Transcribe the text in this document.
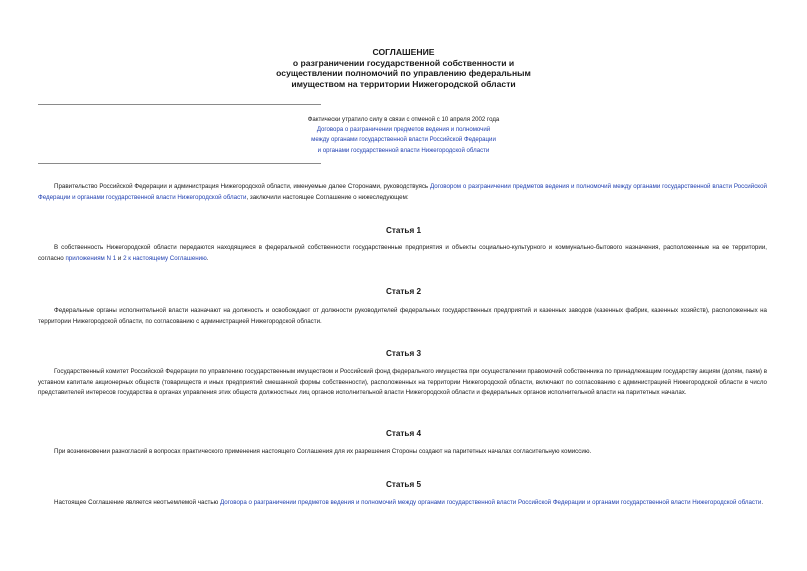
СОГЛАШЕНИЕ
о разграничении государственной собственности и
осуществлении полномочий по управлению федеральным
имуществом на территории Нижегородской области
Фактически утратило силу в связи с отменой с 10 апреля 2002 года
Договора о разграничении предметов ведения и полномочий
между органами государственной власти Российской Федерации
и органами государственной власти Нижегородской области
Правительство Российской Федерации и администрация Нижегородской области, именуемые далее Сторонами, руководствуясь Договором о разграничении предметов ведения и полномочий между органами государственной власти Российской Федерации и органами государственной власти Нижегородской области, заключили настоящее Соглашение о нижеследующем:
Статья 1
В собственность Нижегородской области передаются находящиеся в федеральной собственности государственные предприятия и объекты социально-культурного и коммунально-бытового назначения, расположенные на ее территории, согласно приложениям N 1 и 2 к настоящему Соглашению.
Статья 2
Федеральные органы исполнительной власти назначают на должность и освобождают от должности руководителей федеральных государственных предприятий и казенных заводов (казенных фабрик, казенных хозяйств), расположенных на территории Нижегородской области, по согласованию с администрацией Нижегородской области.
Статья 3
Государственный комитет Российской Федерации по управлению государственным имуществом и Российский фонд федерального имущества при осуществлении правомочий собственника по принадлежащим государству акциям (долям, паям) в уставном капитале акционерных обществ (товариществ и иных предприятий смешанной формы собственности), расположенных на территории Нижегородской области, включают по согласованию с администрацией Нижегородской области в число представителей интересов государства в органах управления этих обществ должностных лиц органов исполнительной власти Нижегородской области и федеральных органов исполнительной власти на паритетных началах.
Статья 4
При возникновении разногласий в вопросах практического применения настоящего Соглашения для их разрешения Стороны создают на паритетных началах согласительную комиссию.
Статья 5
Настоящее Соглашение является неотъемлемой частью Договора о разграничении предметов ведения и полномочий между органами государственной власти Российской Федерации и органами государственной власти Нижегородской области.
